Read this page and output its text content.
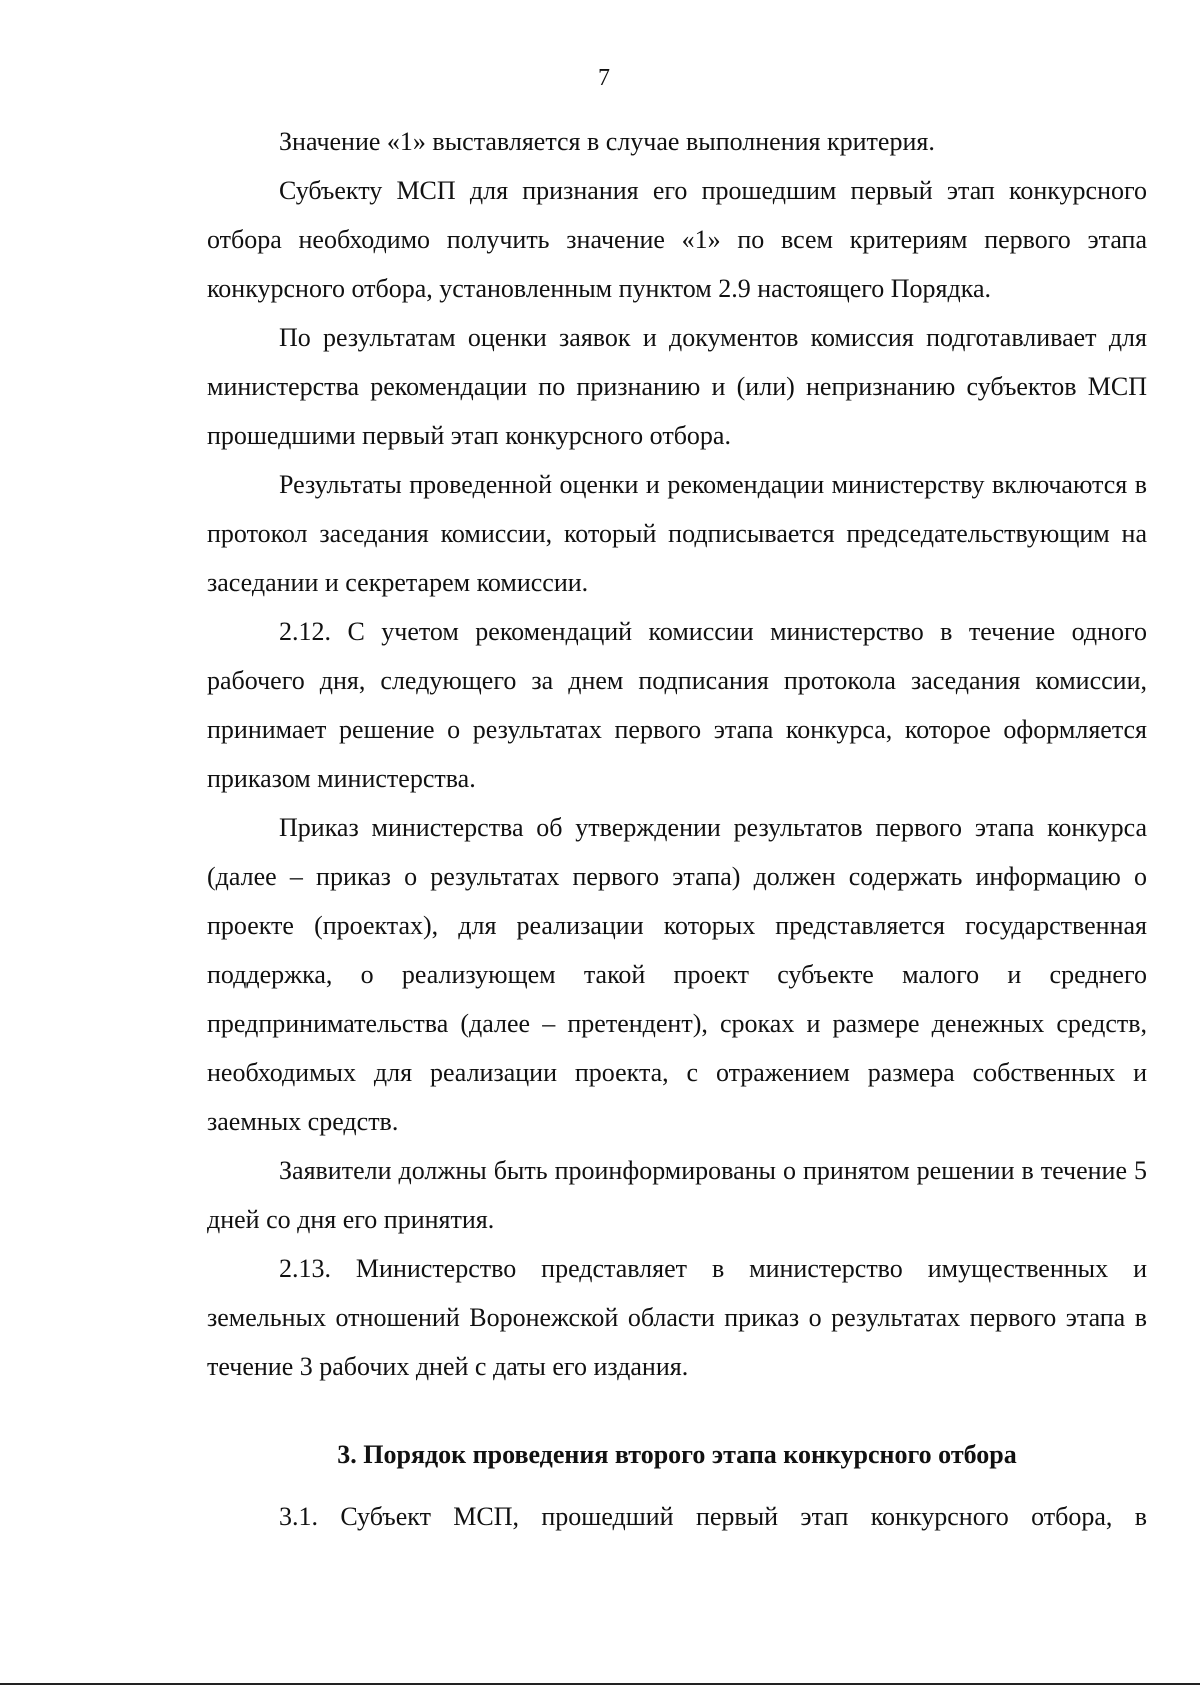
7

Значение «1» выставляется в случае выполнения критерия.

Субъекту МСП для признания его прошедшим первый этап конкурсного отбора необходимо получить значение «1» по всем критериям первого этапа конкурсного отбора, установленным пунктом 2.9 настоящего Порядка.

По результатам оценки заявок и документов комиссия подготавливает для министерства рекомендации по признанию и (или) непризнанию субъектов МСП прошедшими первый этап конкурсного отбора.

Результаты проведенной оценки и рекомендации министерству включаются в протокол заседания комиссии, который подписывается председательствующим на заседании и секретарем комиссии.

2.12. С учетом рекомендаций комиссии министерство в течение одного рабочего дня, следующего за днем подписания протокола заседания комиссии, принимает решение о результатах первого этапа конкурса, которое оформляется приказом министерства.

Приказ министерства об утверждении результатов первого этапа конкурса (далее – приказ о результатах первого этапа) должен содержать информацию о проекте (проектах), для реализации которых представляется государственная поддержка, о реализующем такой проект субъекте малого и среднего предпринимательства (далее – претендент), сроках и размере денежных средств, необходимых для реализации проекта, с отражением размера собственных и заемных средств.

Заявители должны быть проинформированы о принятом решении в течение 5 дней со дня его принятия.

2.13. Министерство представляет в министерство имущественных и земельных отношений Воронежской области приказ о результатах первого этапа в течение 3 рабочих дней с даты его издания.

3. Порядок проведения второго этапа конкурсного отбора

3.1. Субъект МСП, прошедший первый этап конкурсного отбора, в
